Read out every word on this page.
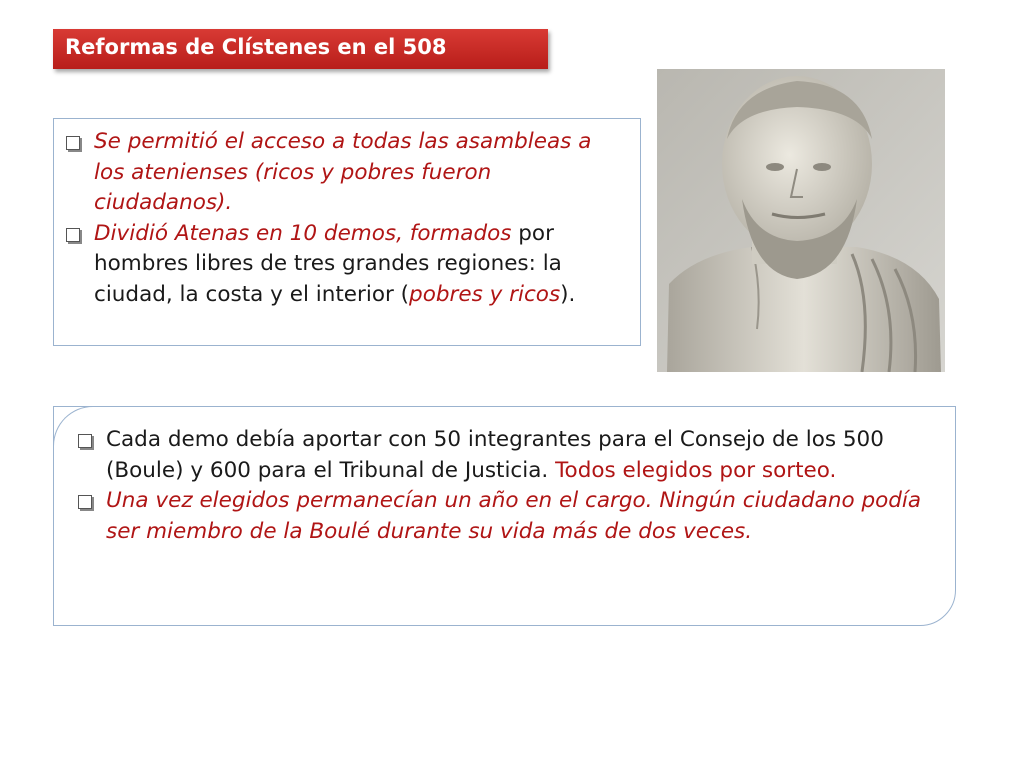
Reformas de Clístenes en el 508
Se permitió el acceso a todas las asambleas a los atenienses (ricos y pobres fueron ciudadanos).
Dividió Atenas en 10 demos, formados por hombres libres de tres grandes regiones: la ciudad, la costa y el interior (pobres y ricos).
Cada demo debía aportar con 50 integrantes para el Consejo de los 500 (Boule) y 600 para el Tribunal de Justicia. Todos elegidos por sorteo.
Una vez elegidos permanecían un año en el cargo. Ningún ciudadano podía ser miembro de la Boulé durante su vida más de dos veces.
